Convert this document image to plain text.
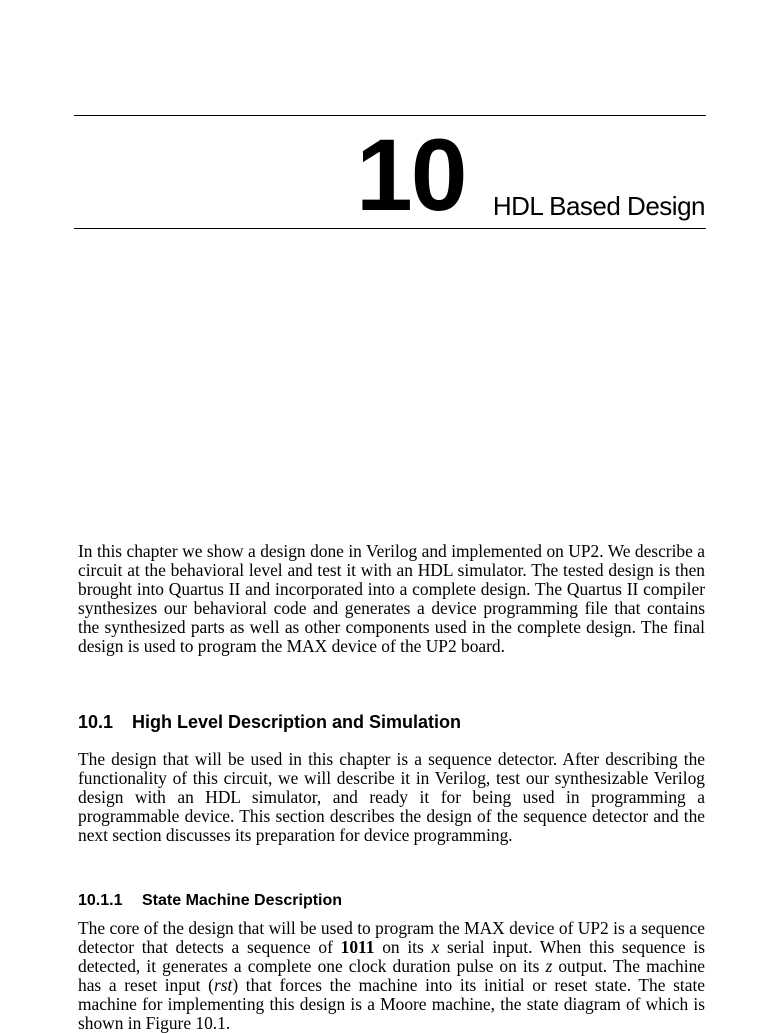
10 HDL Based Design

In this chapter we show a design done in Verilog and implemented on UP2. We describe a circuit at the behavioral level and test it with an HDL simulator. The tested design is then brought into Quartus II and incorporated into a complete design. The Quartus II compiler synthesizes our behavioral code and generates a device programming file that contains the synthesized parts as well as other components used in the complete design. The final design is used to program the MAX device of the UP2 board.

10.1 High Level Description and Simulation

The design that will be used in this chapter is a sequence detector. After describing the functionality of this circuit, we will describe it in Verilog, test our synthesizable Verilog design with an HDL simulator, and ready it for being used in programming a programmable device. This section describes the design of the sequence detector and the next section discusses its preparation for device programming.

10.1.1 State Machine Description

The core of the design that will be used to program the MAX device of UP2 is a sequence detector that detects a sequence of 1011 on its x serial input. When this sequence is detected, it generates a complete one clock duration pulse on its z output. The machine has a reset input (rst) that forces the machine into its initial or reset state. The state machine for implementing this design is a Moore machine, the state diagram of which is shown in Figure 10.1.
